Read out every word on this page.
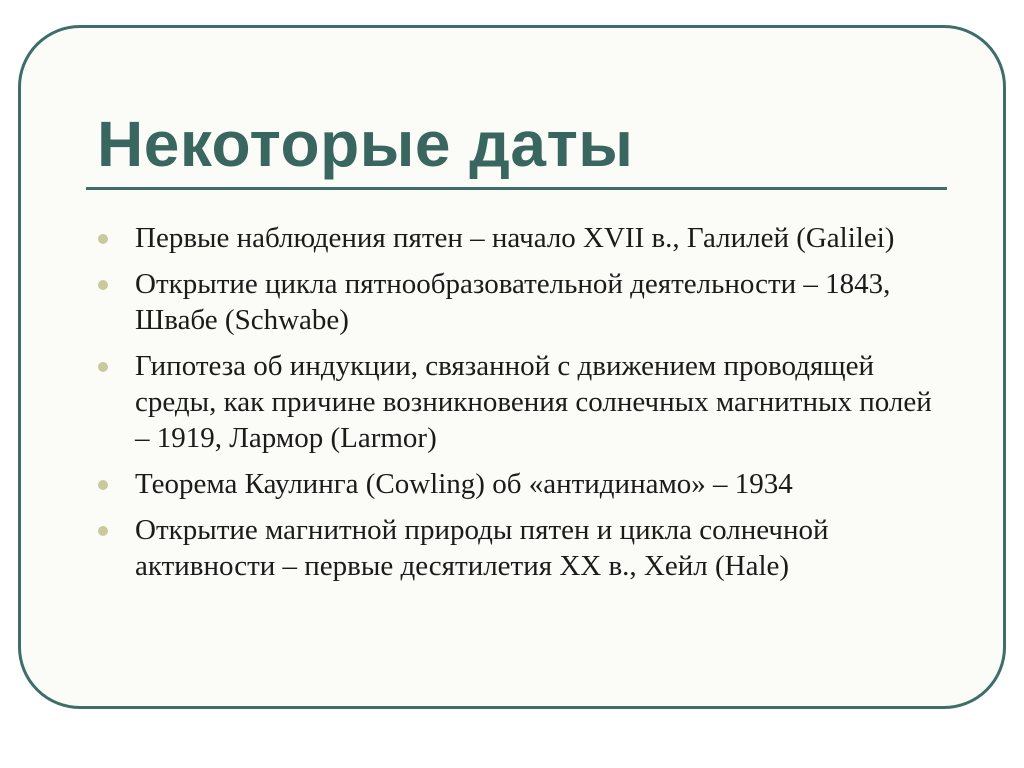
Некоторые даты
Первые наблюдения пятен – начало XVII в., Галилей (Galilei)
Открытие цикла пятнообразовательной деятельности – 1843, Швабе (Schwabe)
Гипотеза об индукции, связанной с движением проводящей среды, как причине возникновения солнечных магнитных полей – 1919, Лармор (Larmor)
Теорема Каулинга (Cowling) об «антидинамо» – 1934
Открытие магнитной природы пятен и цикла солнечной активности – первые десятилетия XX в., Хейл (Hale)
